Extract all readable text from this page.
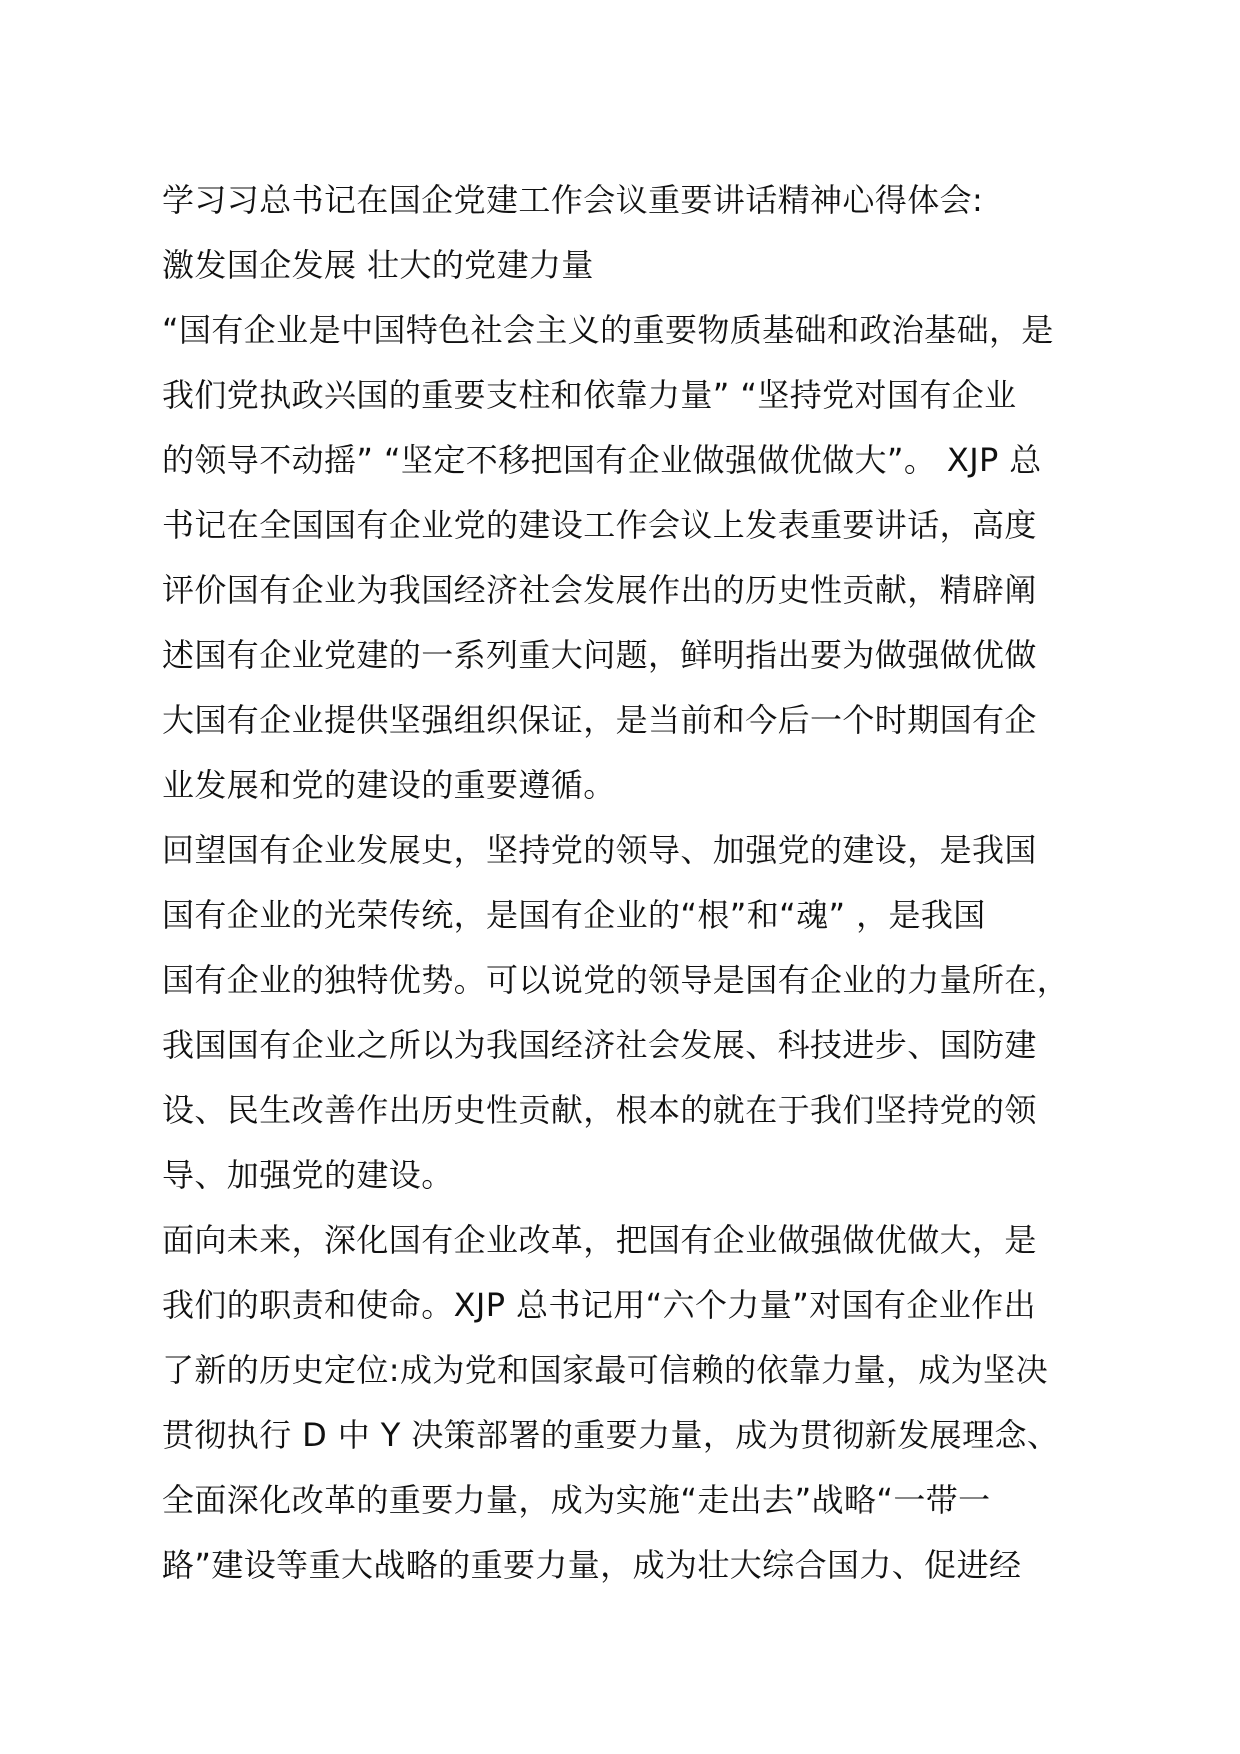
学习习总书记在国企党建工作会议重要讲话精神心得体会:
激发国企发展 壮大的党建力量
“国有企业是中国特色社会主义的重要物质基础和政治基础，是
我们党执政兴国的重要支柱和依靠力量” “坚持党对国有企业
的领导不动摇” “坚定不移把国有企业做强做优做大”。 XJP 总
书记在全国国有企业党的建设工作会议上发表重要讲话，高度
评价国有企业为我国经济社会发展作出的历史性贡献，精辟阐
述国有企业党建的一系列重大问题，鲜明指出要为做强做优做
大国有企业提供坚强组织保证，是当前和今后一个时期国有企
业发展和党的建设的重要遵循。
回望国有企业发展史，坚持党的领导、加强党的建设，是我国
国有企业的光荣传统，是国有企业的“根”和“魂” ，是我国
国有企业的独特优势。可以说党的领导是国有企业的力量所在，
我国国有企业之所以为我国经济社会发展、科技进步、国防建
设、民生改善作出历史性贡献，根本的就在于我们坚持党的领
导、加强党的建设。
面向未来，深化国有企业改革，把国有企业做强做优做大，是
我们的职责和使命。XJP 总书记用“六个力量”对国有企业作出
了新的历史定位:成为党和国家最可信赖的依靠力量，成为坚决
贯彻执行 D 中 Y 决策部署的重要力量，成为贯彻新发展理念、
全面深化改革的重要力量，成为实施“走出去”战略“一带一
路”建设等重大战略的重要力量，成为壮大综合国力、促进经
